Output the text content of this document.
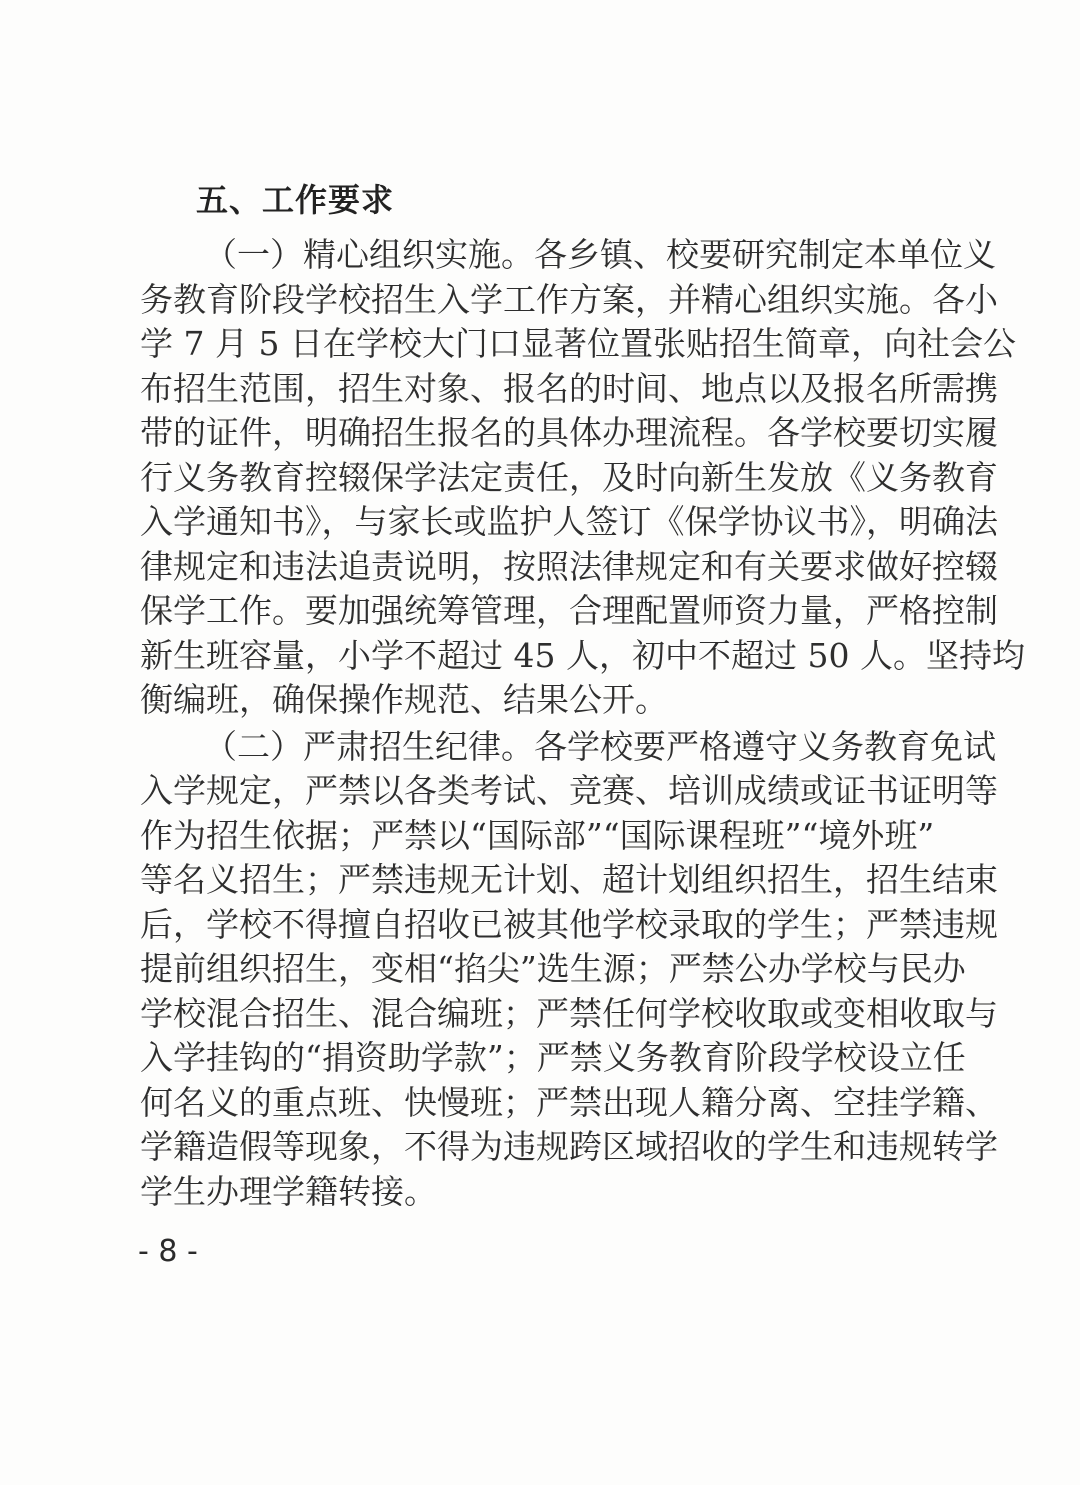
五、工作要求
（一）精心组织实施。各乡镇、校要研究制定本单位义
务教育阶段学校招生入学工作方案，并精心组织实施。各小
学 7 月 5 日在学校大门口显著位置张贴招生简章，向社会公
布招生范围，招生对象、报名的时间、地点以及报名所需携
带的证件，明确招生报名的具体办理流程。各学校要切实履
行义务教育控辍保学法定责任，及时向新生发放《义务教育
入学通知书》，与家长或监护人签订《保学协议书》，明确法
律规定和违法追责说明，按照法律规定和有关要求做好控辍
保学工作。要加强统筹管理，合理配置师资力量，严格控制
新生班容量，小学不超过 45 人，初中不超过 50 人。坚持均
衡编班，确保操作规范、结果公开。
（二）严肃招生纪律。各学校要严格遵守义务教育免试
入学规定，严禁以各类考试、竞赛、培训成绩或证书证明等
作为招生依据；严禁以“国际部”“国际课程班”“境外班”
等名义招生；严禁违规无计划、超计划组织招生，招生结束
后，学校不得擅自招收已被其他学校录取的学生；严禁违规
提前组织招生，变相“掐尖”选生源；严禁公办学校与民办
学校混合招生、混合编班；严禁任何学校收取或变相收取与
入学挂钩的“捐资助学款”；严禁义务教育阶段学校设立任
何名义的重点班、快慢班；严禁出现人籍分离、空挂学籍、
学籍造假等现象，不得为违规跨区域招收的学生和违规转学
学生办理学籍转接。
- 8 -
